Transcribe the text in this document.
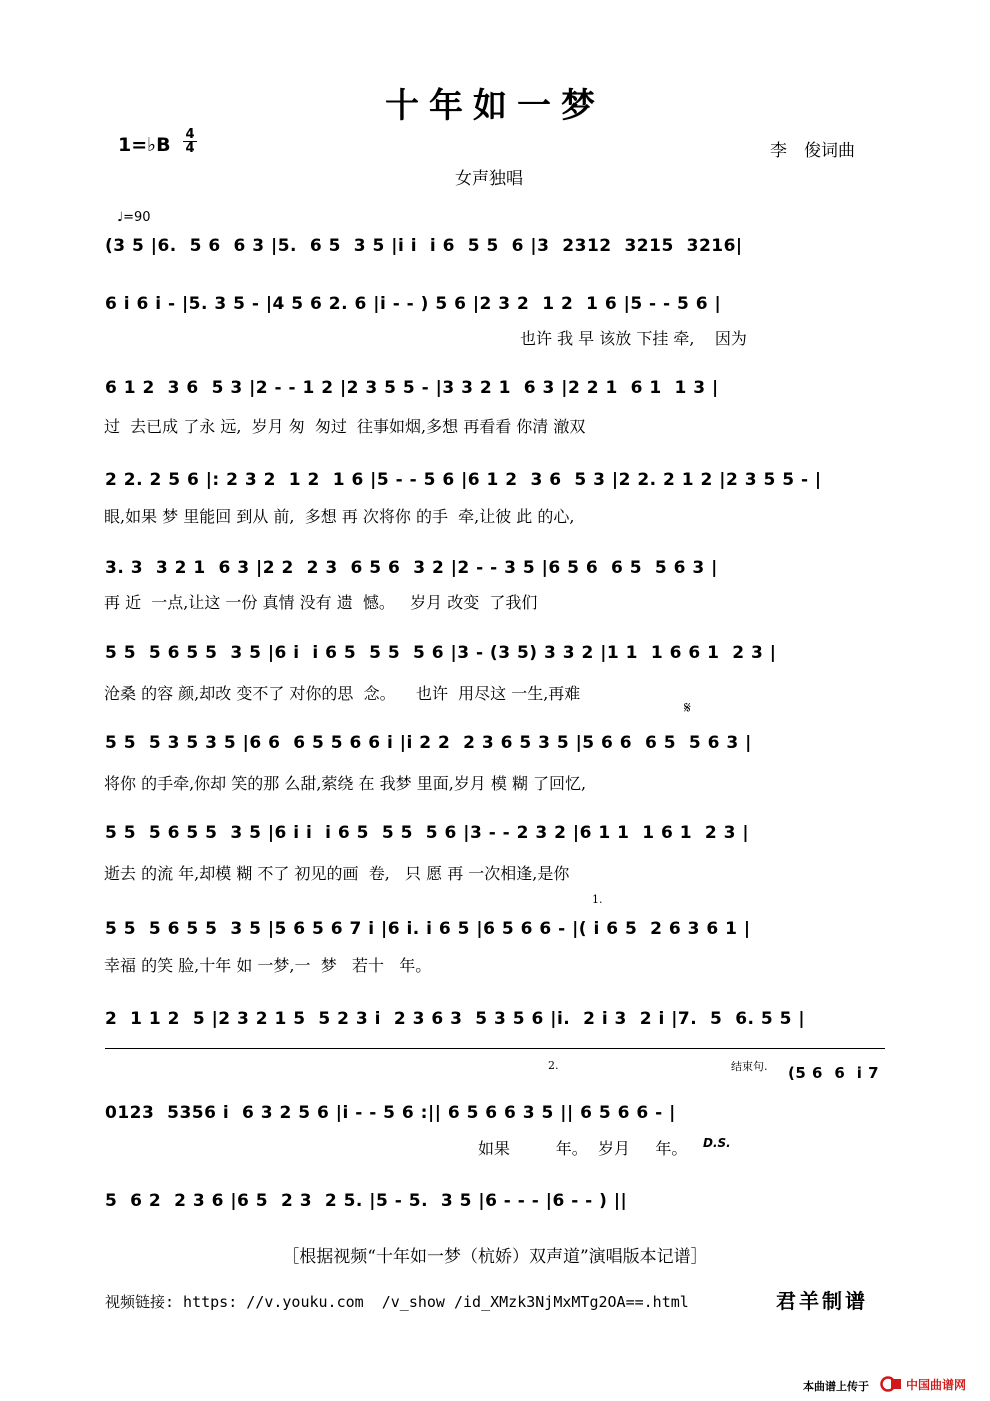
十年如一梦
1=♭B $\frac{4}{4}$	李　俊词曲
女声独唱
♩=90
(3 5 |6.  5 6  6 3 |5.  6 5  3 5 |i i  i 6  5 5  6 |3  2312  3215  3216|
6 i 6 i - |5. 3 5 - |4 5 6 2. 6 |i - - ) 5 6 |2 3 2  1 2  1 6 |5 - - 5 6 |
也许 我 早 该放 下挂 牵,    因为
6 1 2  3 6  5 3 |2 - - 1 2 |2 3 5 5 - |3 3 2 1  6 3 |2 2 1  6 1  1 3 |
过  去已成 了永 远,  岁月 匆  匆过  往事如烟,多想 再看看 你清 澈双
2 2. 2 5 6 |: 2 3 2  1 2  1 6 |5 - - 5 6 |6 1 2  3 6  5 3 |2 2. 2 1 2 |2 3 5 5 - |
眼,如果 梦 里能回 到从 前,  多想 再 次将你 的手  牵,让彼 此 的心,
3. 3  3 2 1  6 3 |2 2  2 3  6 5 6  3 2 |2 - - 3 5 |6 5 6  6 5  5 6 3 |
再 近  一点,让这 一份 真情 没有 遗  憾。   岁月 改变  了我们
5 5  5 6 5 5  3 5 |6 i  i 6 5  5 5  5 6 |3 - (3 5) 3 3 2 |1 1  1 6 6 1  2 3 |
沧桑 的容 颜,却改 变不了 对你的思  念。    也许  用尽这 一生,再难
𝄋
5 5  5 3 5 3 5 |6 6  6 5 5 6 6 i |i 2 2  2 3 6 5 3 5 |5 6 6  6 5  5 6 3 |
将你 的手牵,你却 笑的那 么甜,萦绕 在 我梦 里面,岁月 模 糊 了回忆,
5 5  5 6 5 5  3 5 |6 i i  i 6 5  5 5  5 6 |3 - - 2 3 2 |6 1 1  1 6 1  2 3 |
逝去 的流 年,却模 糊 不了 初见的画  卷,   只 愿 再 一次相逢,是你
1.
5 5  5 6 5 5  3 5 |5 6 5 6 7 i |6 i. i 6 5 |6 5 6 6 - |( i 6 5  2 6 3 6 1 |
幸福 的笑 脸,十年 如 一梦,一  梦   若十   年。
2  1 1 2  5 |2 3 2 1 5  5 2 3 i  2 3 6 3  5 3 5 6 |i.  2 i 3  2 i |7.  5  6. 5 5 |
2.	结束句. (5 6  6  i 7
0123  5356 i  6 3 2 5 6 |i - - 5 6 :|| 6 5 6 6 3 5 || 6 5 6 6 - |
如果         年。  岁月     年。 D.S.
5  6 2  2 3 6 |6 5  2 3  2 5. |5 - 5.  3 5 |6 - - - |6 - - ) ||
［根据视频“十年如一梦（杭娇）双声道”演唱版本记谱］
视频链接: https: //v.youku.com  /v_show /id_XMzk3NjMxMTg2OA==.html	君羊制谱
本曲谱上传于	中国曲谱网
